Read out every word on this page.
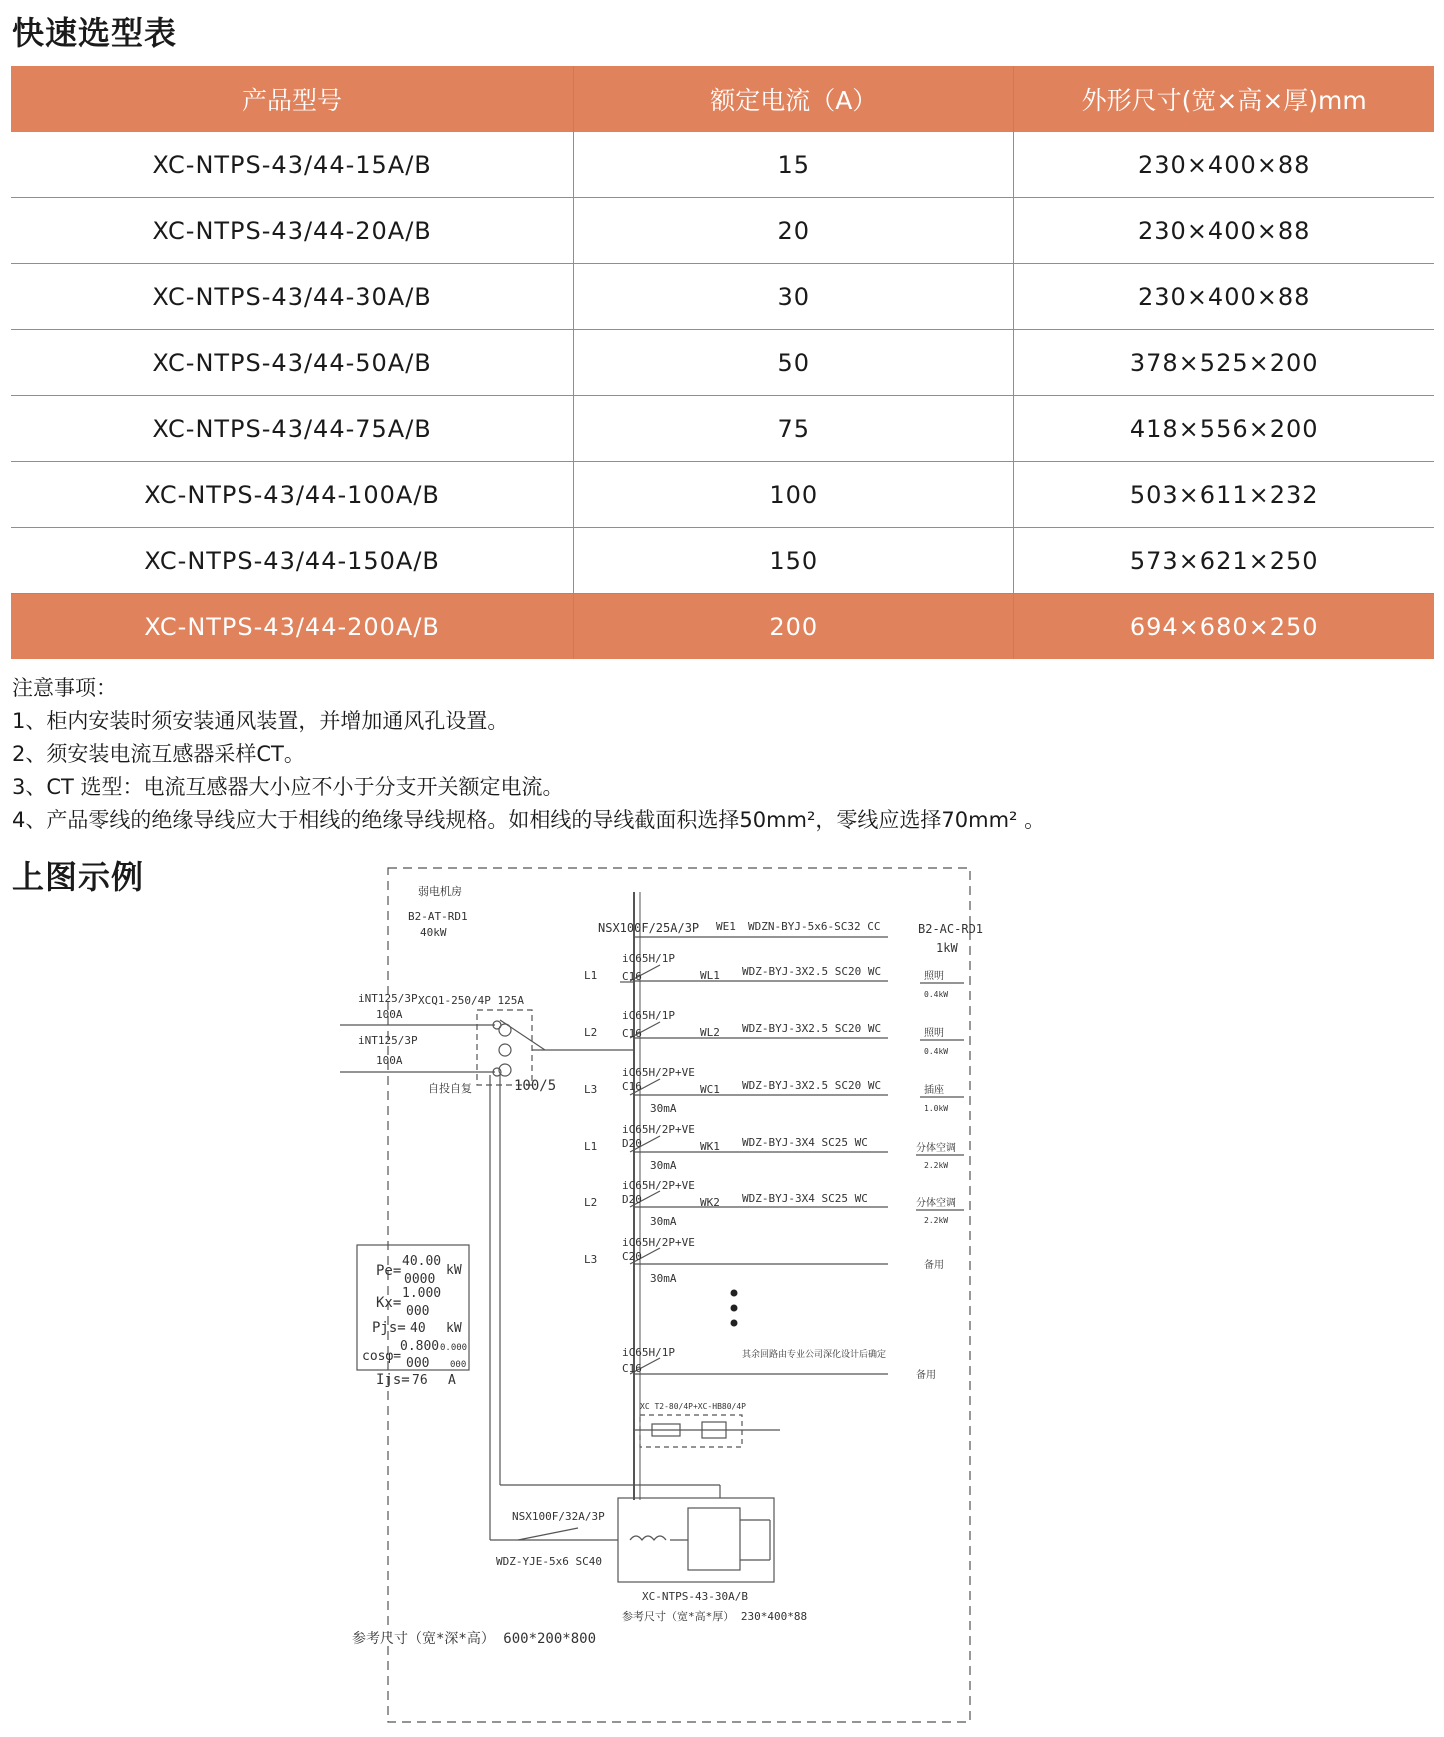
快速选型表
产品型号	额定电流（A）	外形尺寸(宽×高×厚)mm
XC-NTPS-43/44-15A/B	15	230×400×88
XC-NTPS-43/44-20A/B	20	230×400×88
XC-NTPS-43/44-30A/B	30	230×400×88
XC-NTPS-43/44-50A/B	50	378×525×200
XC-NTPS-43/44-75A/B	75	418×556×200
XC-NTPS-43/44-100A/B	100	503×611×232
XC-NTPS-43/44-150A/B	150	573×621×250
XC-NTPS-43/44-200A/B	200	694×680×250
注意事项：
1、柜内安装时须安装通风装置，并增加通风孔设置。
2、须安装电流互感器采样CT。
3、CT 选型：电流互感器大小应不小于分支开关额定电流。
4、产品零线的绝缘导线应大于相线的绝缘导线规格。如相线的导线截面积选择50mm²，零线应选择70mm² 。
上图示例	弱电机房
B2-AT-RD1
40kW
iNT125/3P
100A
iNT125/3P
100A
XCQ1-250/4P 125A
自投自复	100/5
NSX100F/25A/3P WE1 WDZN-BYJ-5x6-SC32 CC	B2-AC-RD1
1kW
L1
iC65H/1P
C16	WL1 WDZ-BYJ-3X2.5 SC20 WC	照明
0.4kW
L2
iC65H/1P
C16	WL2 WDZ-BYJ-3X2.5 SC20 WC	照明
0.4kW
L3
iC65H/2P+VE
C16
30mA
WC1 WDZ-BYJ-3X2.5 SC20 WC	插座
1.0kW
L1
iC65H/2P+VE
D20
30mA
WK1 WDZ-BYJ-3X4 SC25 WC	分体空调
2.2kW
L2
iC65H/2P+VE
D20
30mA
WK2 WDZ-BYJ-3X4 SC25 WC	分体空调
2.2kW
L3
iC65H/2P+VE
C20
30mA
备用
其余回路由专业公司深化设计后确定
iC65H/1P
C16
备用
XC T2-80/4P+XC-HB80/4P
Pe=
40.00
0000
kW
Kx=
1.000
000
Pjs= 40 kW
cosφ=
0.800
000
0.000
000
Ijs= 76 A
NSX100F/32A/3P
WDZ-YJE-5x6 SC40
XC-NTPS-43-30A/B
参考尺寸（宽*高*厚） 230*400*88
参考尺寸（宽*深*高） 600*200*800
